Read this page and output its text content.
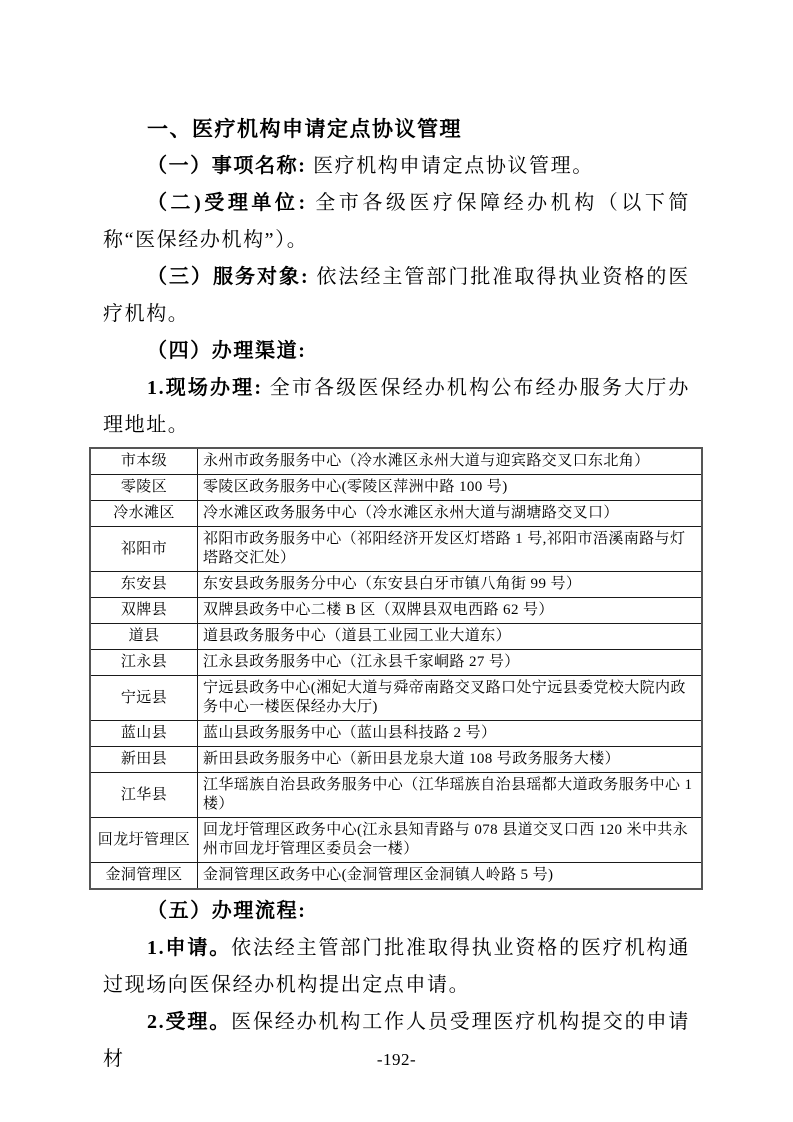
一、医疗机构申请定点协议管理

（一）事项名称: 医疗机构申请定点协议管理。

（二)受理单位: 全市各级医疗保障经办机构（以下简称“医保经办机构”）。

（三）服务对象: 依法经主管部门批准取得执业资格的医疗机构。

（四）办理渠道:

1.现场办理: 全市各级医保经办机构公布经办服务大厅办理地址。

市本级	永州市政务服务中心（冷水滩区永州大道与迎宾路交叉口东北角）
零陵区	零陵区政务服务中心(零陵区萍洲中路 100 号)
冷水滩区	冷水滩区政务服务中心（冷水滩区永州大道与湖塘路交叉口）
祁阳市	祁阳市政务服务中心（祁阳经济开发区灯塔路 1 号,祁阳市浯溪南路与灯塔路交汇处）
东安县	东安县政务服务分中心（东安县白牙市镇八角街 99 号）
双牌县	双牌县政务中心二楼 B 区（双牌县双电西路 62 号）
道县	道县政务服务中心（道县工业园工业大道东）
江永县	江永县政务服务中心（江永县千家峒路 27 号）
宁远县	宁远县政务中心(湘妃大道与舜帝南路交叉路口处宁远县委党校大院内政务中心一楼医保经办大厅)
蓝山县	蓝山县政务服务中心（蓝山县科技路 2 号）
新田县	新田县政务服务中心（新田县龙泉大道 108 号政务服务大楼）
江华县	江华瑶族自治县政务服务中心（江华瑶族自治县瑶都大道政务服务中心 1 楼）
回龙圩管理区	回龙圩管理区政务中心(江永县知青路与 078 县道交叉口西 120 米中共永州市回龙圩管理区委员会一楼）
金洞管理区	金洞管理区政务中心(金洞管理区金洞镇人岭路 5 号)

（五）办理流程:

1.申请。依法经主管部门批准取得执业资格的医疗机构通过现场向医保经办机构提出定点申请。

2.受理。医保经办机构工作人员受理医疗机构提交的申请材	-192-
